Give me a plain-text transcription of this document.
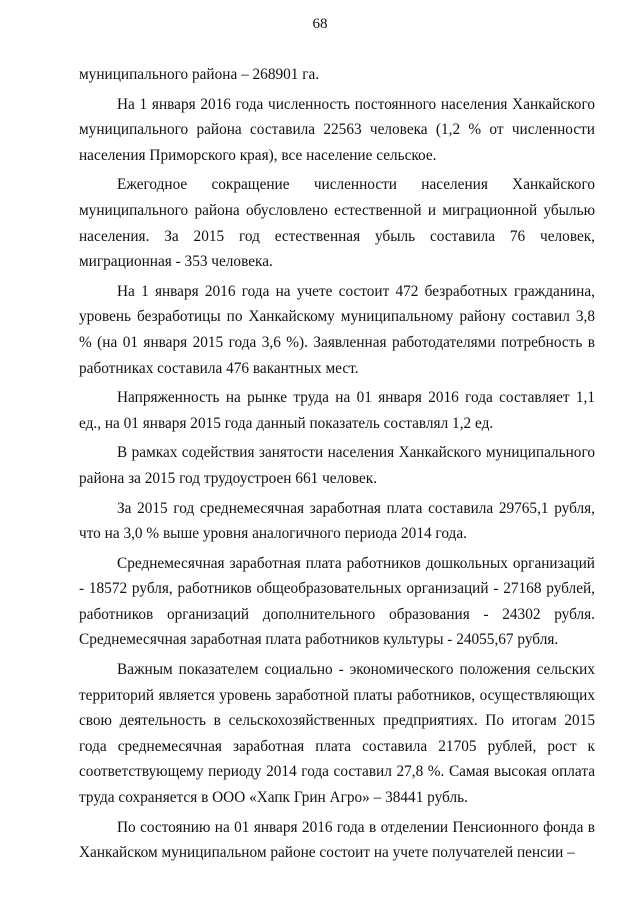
68

муниципального района – 268901 га.

На 1 января 2016 года численность постоянного населения Ханкайского муниципального района составила 22563 человека (1,2 % от численности населения Приморского края), все население сельское.

Ежегодное сокращение численности населения Ханкайского муниципального района обусловлено естественной и миграционной убылью населения. За 2015 год естественная убыль составила 76 человек, миграционная - 353 человека.

На 1 января 2016 года на учете состоит 472 безработных гражданина, уровень безработицы по Ханкайскому муниципальному району составил 3,8 % (на 01 января 2015 года 3,6 %). Заявленная работодателями потребность в работниках составила 476 вакантных мест.

Напряженность на рынке труда на 01 января 2016 года составляет 1,1 ед., на 01 января 2015 года данный показатель составлял 1,2 ед.

В рамках содействия занятости населения Ханкайского муниципального района за 2015 год трудоустроен 661 человек.

За 2015 год среднемесячная заработная плата составила 29765,1 рубля, что на 3,0 % выше уровня аналогичного периода 2014 года.

Среднемесячная заработная плата работников дошкольных организаций - 18572 рубля, работников общеобразовательных организаций - 27168 рублей, работников организаций дополнительного образования - 24302 рубля. Среднемесячная заработная плата работников культуры - 24055,67 рубля.

Важным показателем социально - экономического положения сельских территорий является уровень заработной платы работников, осуществляющих свою деятельность в сельскохозяйственных предприятиях. По итогам 2015 года среднемесячная заработная плата составила 21705 рублей, рост к соответствующему периоду 2014 года составил 27,8 %. Самая высокая оплата труда сохраняется в ООО «Хапк Грин Агро» – 38441 рубль.

По состоянию на 01 января 2016 года в отделении Пенсионного фонда в Ханкайском муниципальном районе состоит на учете получателей пенсии –
